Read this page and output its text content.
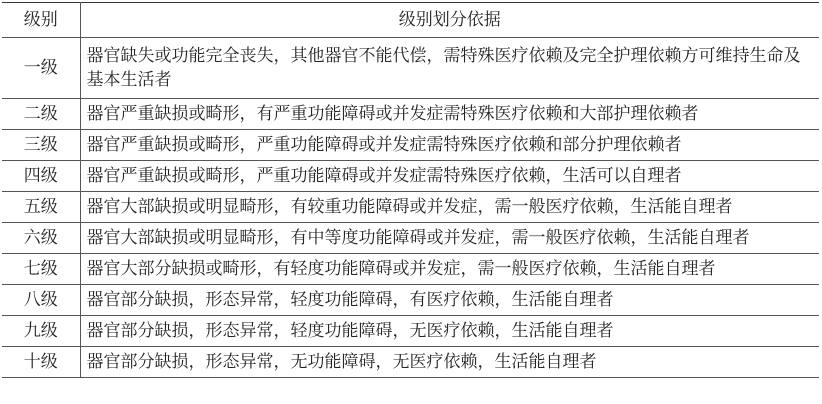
级别	级别划分依据
一级	器官缺失或功能完全丧失，其他器官不能代偿，需特殊医疗依赖及完全护理依赖方可维持生命及基本生活者
二级	器官严重缺损或畸形，有严重功能障碍或并发症需特殊医疗依赖和大部护理依赖者
三级	器官严重缺损或畸形，严重功能障碍或并发症需特殊医疗依赖和部分护理依赖者
四级	器官严重缺损或畸形，严重功能障碍或并发症需特殊医疗依赖，生活可以自理者
五级	器官大部缺损或明显畸形，有较重功能障碍或并发症，需一般医疗依赖，生活能自理者
六级	器官大部缺损或明显畸形，有中等度功能障碍或并发症，需一般医疗依赖，生活能自理者
七级	器官大部分缺损或畸形，有轻度功能障碍或并发症，需一般医疗依赖，生活能自理者
八级	器官部分缺损，形态异常，轻度功能障碍，有医疗依赖，生活能自理者
九级	器官部分缺损，形态异常，轻度功能障碍，无医疗依赖，生活能自理者
十级	器官部分缺损，形态异常，无功能障碍，无医疗依赖，生活能自理者
